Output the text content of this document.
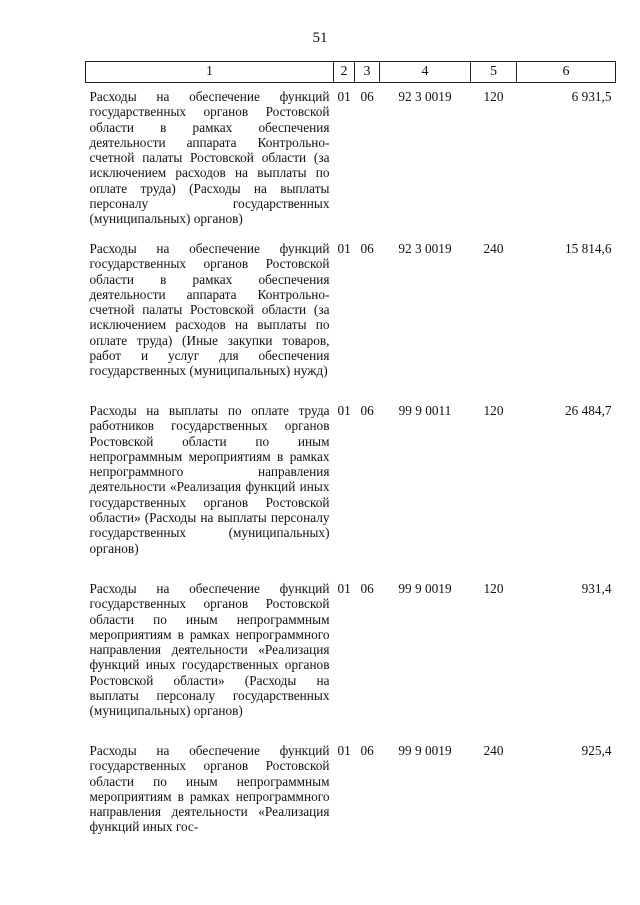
51
1	2	3	4	5	6
Расходы на обеспечение функций государственных органов Ростовской области в рамках обеспечения деятельности аппарата Контрольно-счетной палаты Ростовской области (за исключением расходов на выплаты по оплате труда) (Расходы на выплаты персоналу государственных (муниципальных) органов)	01	06	92 3 0019	120	6 931,5
Расходы на обеспечение функций государственных органов Ростовской области в рамках обеспечения деятельности аппарата Контрольно-счетной палаты Ростовской области (за исключением расходов на выплаты по оплате труда) (Иные закупки товаров, работ и услуг для обеспечения государственных (муниципальных) нужд)	01	06	92 3 0019	240	15 814,6
Расходы на выплаты по оплате труда работников государственных органов Ростовской области по иным непрограммным мероприятиям в рамках непрограммного направления деятельности «Реализация функций иных государственных органов Ростовской области» (Расходы на выплаты персоналу государственных (муниципальных) органов)	01	06	99 9 0011	120	26 484,7
Расходы на обеспечение функций государственных органов Ростовской области по иным непрограммным мероприятиям в рамках непрограммного направления деятельности «Реализация функций иных государственных органов Ростовской области» (Расходы на выплаты персоналу государственных (муниципальных) органов)	01	06	99 9 0019	120	931,4
Расходы на обеспечение функций государственных органов Ростовской области по иным непрограммным мероприятиям в рамках непрограммного направления деятельности «Реализация функций иных гос-	01	06	99 9 0019	240	925,4
